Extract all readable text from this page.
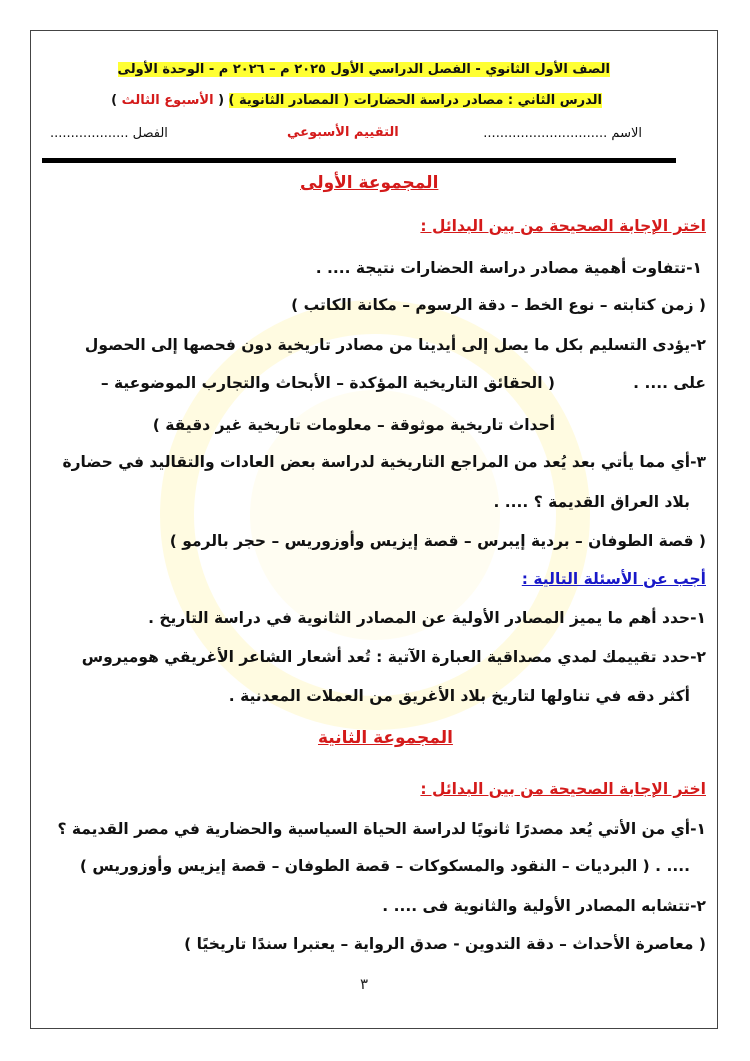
الصف الأول الثانوي - الفصل الدراسي الأول ٢٠٢٥ م – ٢٠٢٦ م - الوحدة الأولى
الدرس الثاني : مصادر دراسة الحضارات ( المصادر الثانوية ) ( الأسبوع الثالث )
الاسم ..............................
التقييم الأسبوعي
الفصل ...................
المجموعة الأولى
اختر الإجابة الصحيحة من بين البدائل :
١-تتفاوت أهمية مصادر دراسة الحضارات نتيجة .... .
( زمن كتابته – نوع الخط – دقة الرسوم – مكانة الكاتب )
٢-يؤدى التسليم بكل ما يصل إلى أيدينا من مصادر تاريخية دون فحصها إلى الحصول
على .... .
( الحقائق التاريخية المؤكدة – الأبحاث والتجارب الموضوعية –
أحداث تاريخية موثوقة – معلومات تاريخية غير دقيقة )
٣-أي مما يأتي بعد يُعد من المراجع التاريخية لدراسة بعض العادات والتقاليد في حضارة
بلاد العراق القديمة ؟ .... .
( قصة الطوفان – بردية إيبرس – قصة إيزيس وأوزوريس – حجر بالرمو )
أجب عن الأسئلة التالية :
١-حدد أهم ما يميز المصادر الأولية عن المصادر الثانوية في دراسة التاريخ .
٢-حدد تقييمك لمدي مصداقية العبارة الآتية : تُعد أشعار الشاعر الأغريقي هوميروس
أكثر دقه في تناولها لتاريخ بلاد الأغريق من العملات المعدنية .
المجموعة الثانية
اختر الإجابة الصحيحة من بين البدائل :
١-أي من الأتي يُعد مصدرًا ثانويًا لدراسة الحياة السياسية والحضارية في مصر القديمة ؟
.... . ( البرديات – النقود والمسكوكات – قصة الطوفان – قصة إيزيس وأوزوريس )
٢-تتشابه المصادر الأولية والثانوية فى .... .
( معاصرة الأحداث – دقة التدوين - صدق الرواية – يعتبرا سندًا تاريخيًا )
٣
